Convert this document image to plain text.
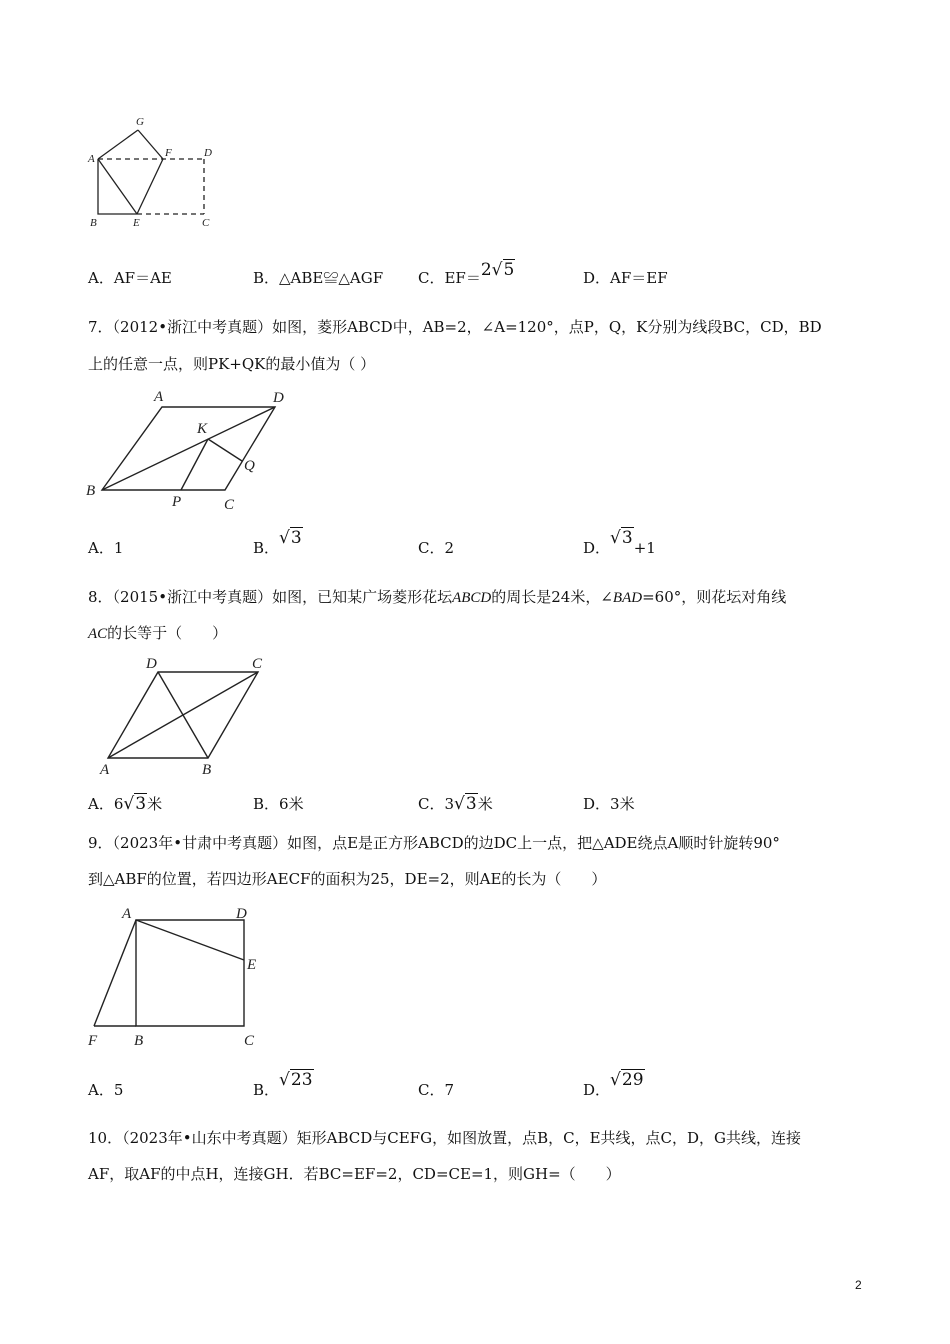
A
B	C
D
E
F
G
A．AF＝AE	B．△ABE≌△AGF C．EF＝2√5	D．AF＝EF
7．（2012•浙江中考真题）如图，菱形ABCD中，AB=2，∠A=120°，点P，Q，K分别为线段BC，CD，BD
上的任意一点，则PK+QK的最小值为（ ）
A
B
C
D
K
P
Q
A．1	B．√3	C．2	D．√3+1
8．（2015•浙江中考真题）如图，已知某广场菱形花坛ABCD的周长是24米，∠BAD=60°，则花坛对角线
AC的长等于（　　）
A	B
C
D
A．6√3米	B．6米	C．3√3米	D．3米
9．（2023年•甘肃中考真题）如图，点E是正方形ABCD的边DC上一点，把△ADE绕点A顺时针旋转90°
到△ABF的位置，若四边形AECF的面积为25，DE=2，则AE的长为（　　）
A
B	C
D
E
F
A．5	B．√23	C．7	D．√29
10．（2023年•山东中考真题）矩形ABCD与CEFG，如图放置，点B，C，E共线，点C，D，G共线，连接
AF，取AF的中点H，连接GH．若BC=EF=2，CD=CE=1，则GH=（　　）
2
